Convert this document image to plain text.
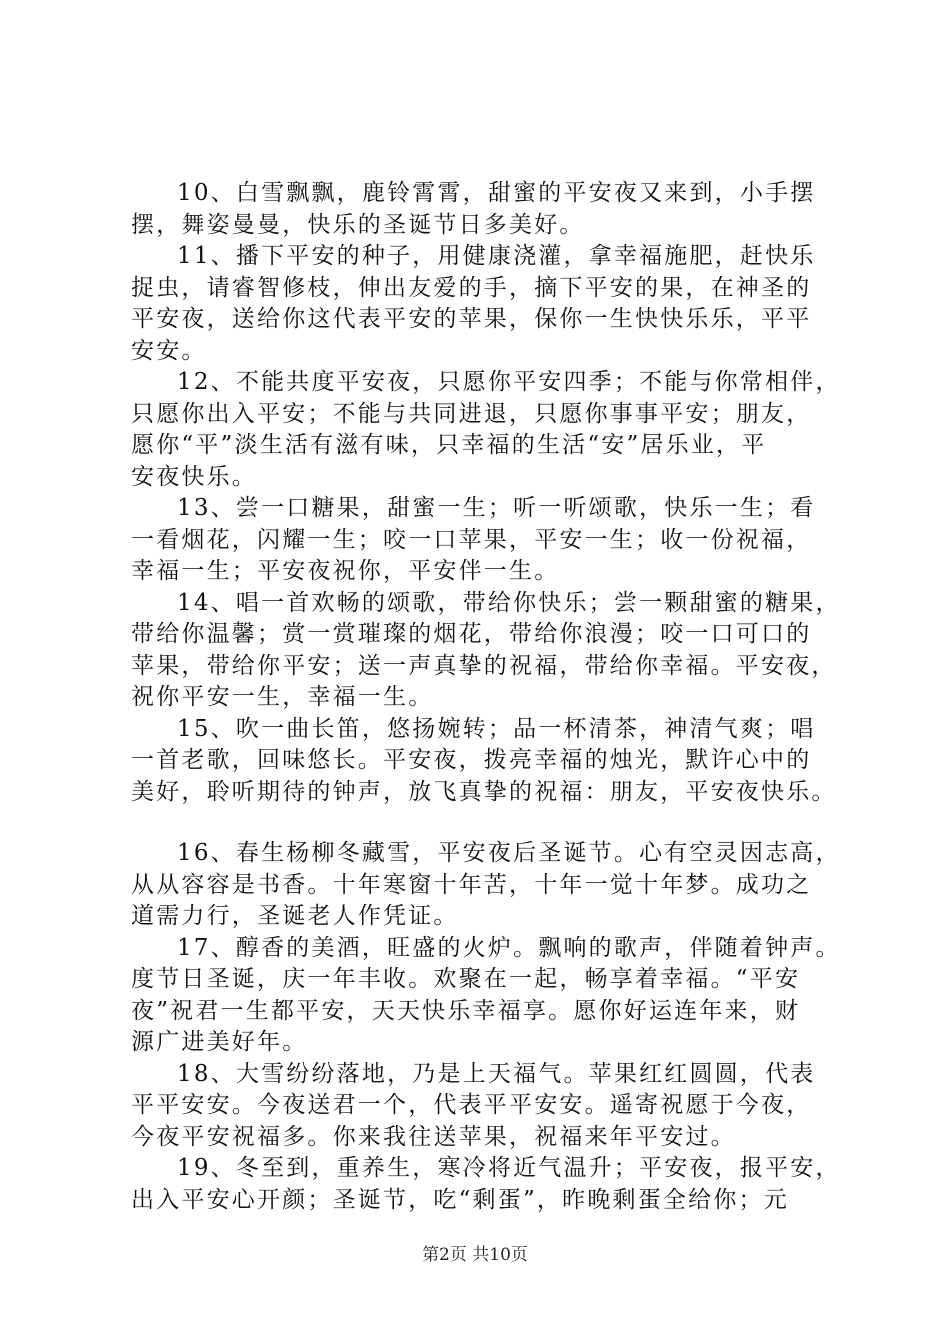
10、白雪飘飘，鹿铃霄霄，甜蜜的平安夜又来到，小手摆
摆，舞姿曼曼，快乐的圣诞节日多美好。
11、播下平安的种子，用健康浇灌，拿幸福施肥，赶快乐
捉虫，请睿智修枝，伸出友爱的手，摘下平安的果，在神圣的
平安夜，送给你这代表平安的苹果，保你一生快快乐乐，平平
安安。
12、不能共度平安夜，只愿你平安四季；不能与你常相伴，
只愿你出入平安；不能与共同进退，只愿你事事平安；朋友，
愿你“平”淡生活有滋有味，只幸福的生活“安”居乐业，平
安夜快乐。
13、尝一口糖果，甜蜜一生；听一听颂歌，快乐一生；看
一看烟花，闪耀一生；咬一口苹果，平安一生；收一份祝福，
幸福一生；平安夜祝你，平安伴一生。
14、唱一首欢畅的颂歌，带给你快乐；尝一颗甜蜜的糖果，
带给你温馨；赏一赏璀璨的烟花，带给你浪漫；咬一口可口的
苹果，带给你平安；送一声真挚的祝福，带给你幸福。平安夜，
祝你平安一生，幸福一生。
15、吹一曲长笛，悠扬婉转；品一杯清茶，神清气爽；唱
一首老歌，回味悠长。平安夜，拨亮幸福的烛光，默许心中的
美好，聆听期待的钟声，放飞真挚的祝福：朋友，平安夜快乐。
16、春生杨柳冬藏雪，平安夜后圣诞节。心有空灵因志高，
从从容容是书香。十年寒窗十年苦，十年一觉十年梦。成功之
道需力行，圣诞老人作凭证。
17、醇香的美酒，旺盛的火炉。飘响的歌声，伴随着钟声。
度节日圣诞，庆一年丰收。欢聚在一起，畅享着幸福。“平安
夜”祝君一生都平安，天天快乐幸福享。愿你好运连年来，财
源广进美好年。
18、大雪纷纷落地，乃是上天福气。苹果红红圆圆，代表
平平安安。今夜送君一个，代表平平安安。遥寄祝愿于今夜，
今夜平安祝福多。你来我往送苹果，祝福来年平安过。
19、冬至到，重养生，寒冷将近气温升；平安夜，报平安，
出入平安心开颜；圣诞节，吃“剩蛋”，昨晚剩蛋全给你；元
第2页 共10页
